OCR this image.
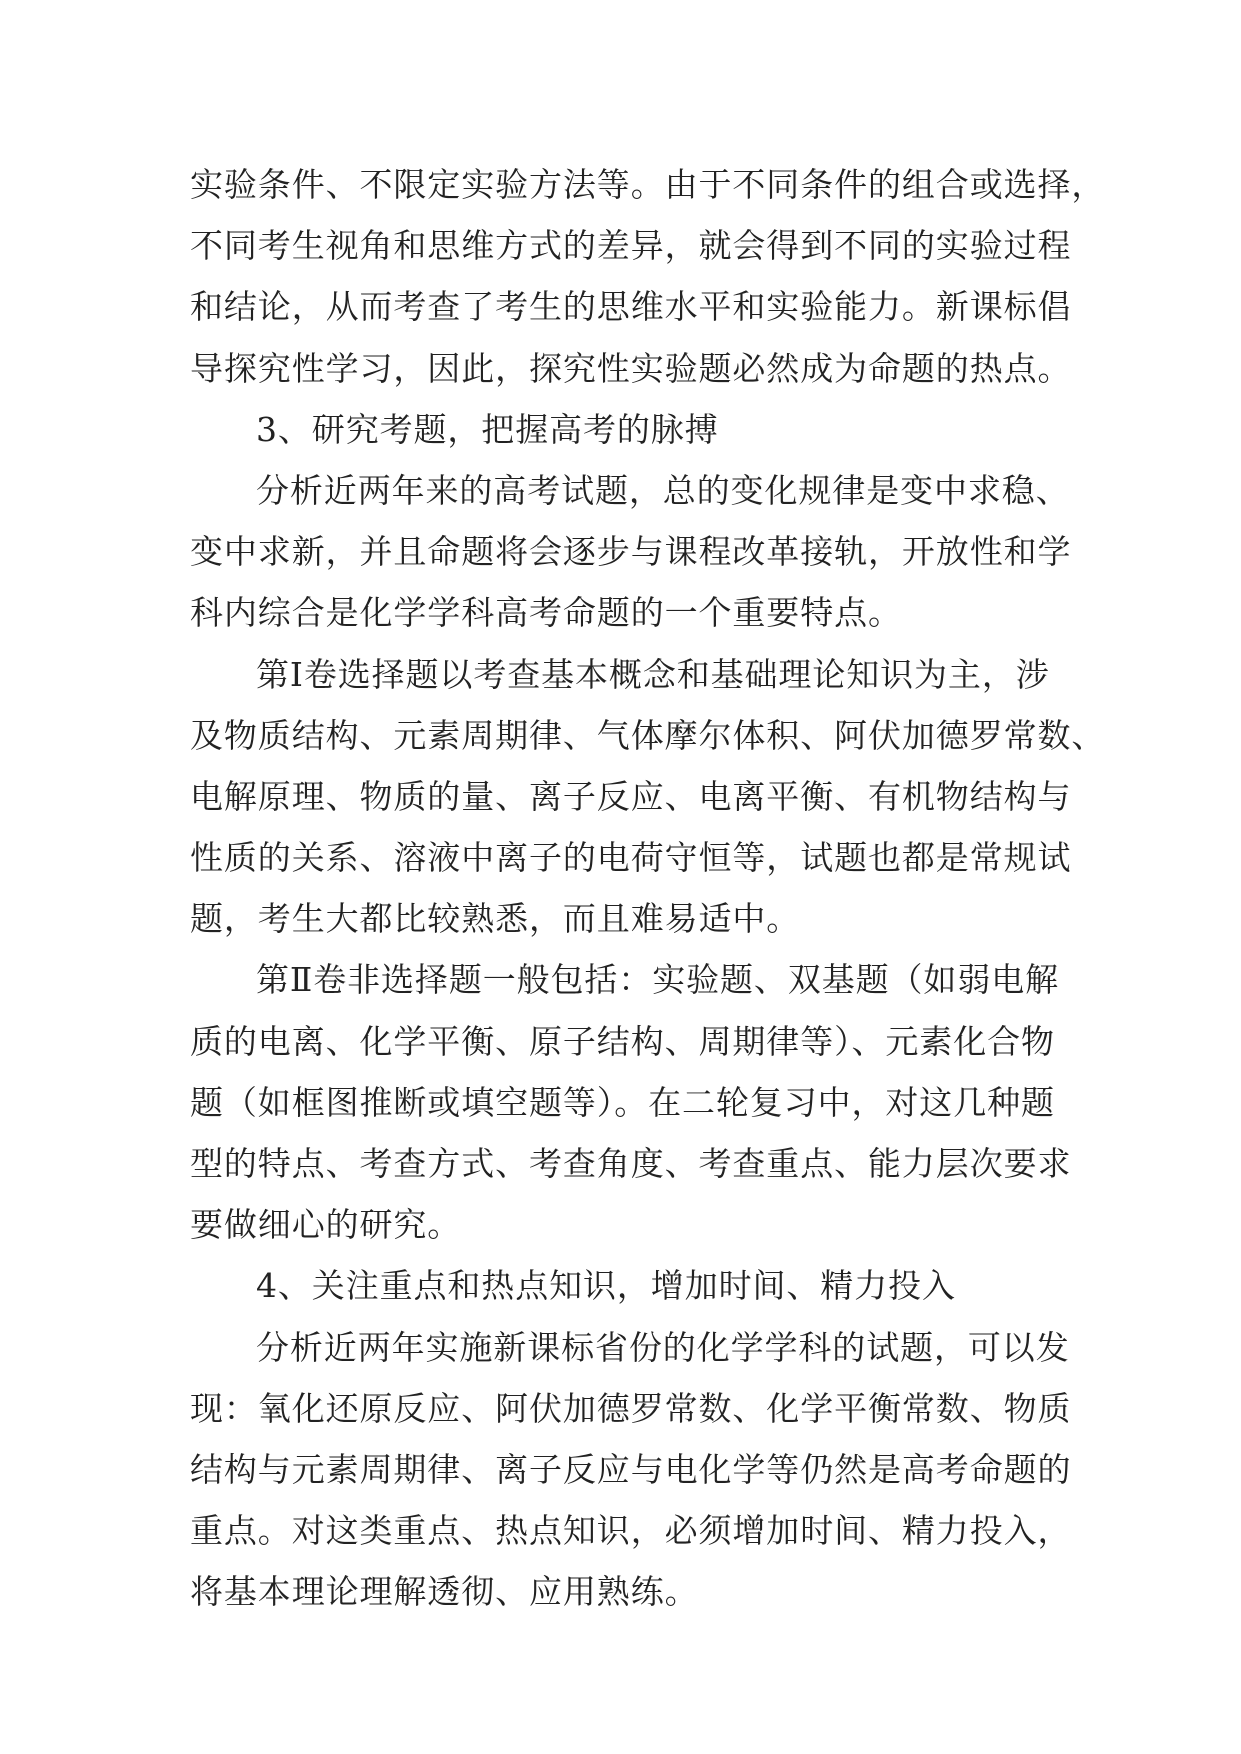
实验条件、不限定实验方法等。由于不同条件的组合或选择，
不同考生视角和思维方式的差异，就会得到不同的实验过程
和结论，从而考查了考生的思维水平和实验能力。新课标倡
导探究性学习，因此，探究性实验题必然成为命题的热点。
3、研究考题，把握高考的脉搏
分析近两年来的高考试题，总的变化规律是变中求稳、
变中求新，并且命题将会逐步与课程改革接轨，开放性和学
科内综合是化学学科高考命题的一个重要特点。
第Ⅰ卷选择题以考查基本概念和基础理论知识为主，涉
及物质结构、元素周期律、气体摩尔体积、阿伏加德罗常数、
电解原理、物质的量、离子反应、电离平衡、有机物结构与
性质的关系、溶液中离子的电荷守恒等，试题也都是常规试
题，考生大都比较熟悉，而且难易适中。
第Ⅱ卷非选择题一般包括：实验题、双基题（如弱电解
质的电离、化学平衡、原子结构、周期律等）、元素化合物
题（如框图推断或填空题等）。在二轮复习中，对这几种题
型的特点、考查方式、考查角度、考查重点、能力层次要求
要做细心的研究。
4、关注重点和热点知识，增加时间、精力投入
分析近两年实施新课标省份的化学学科的试题，可以发
现：氧化还原反应、阿伏加德罗常数、化学平衡常数、物质
结构与元素周期律、离子反应与电化学等仍然是高考命题的
重点。对这类重点、热点知识，必须增加时间、精力投入，
将基本理论理解透彻、应用熟练。
